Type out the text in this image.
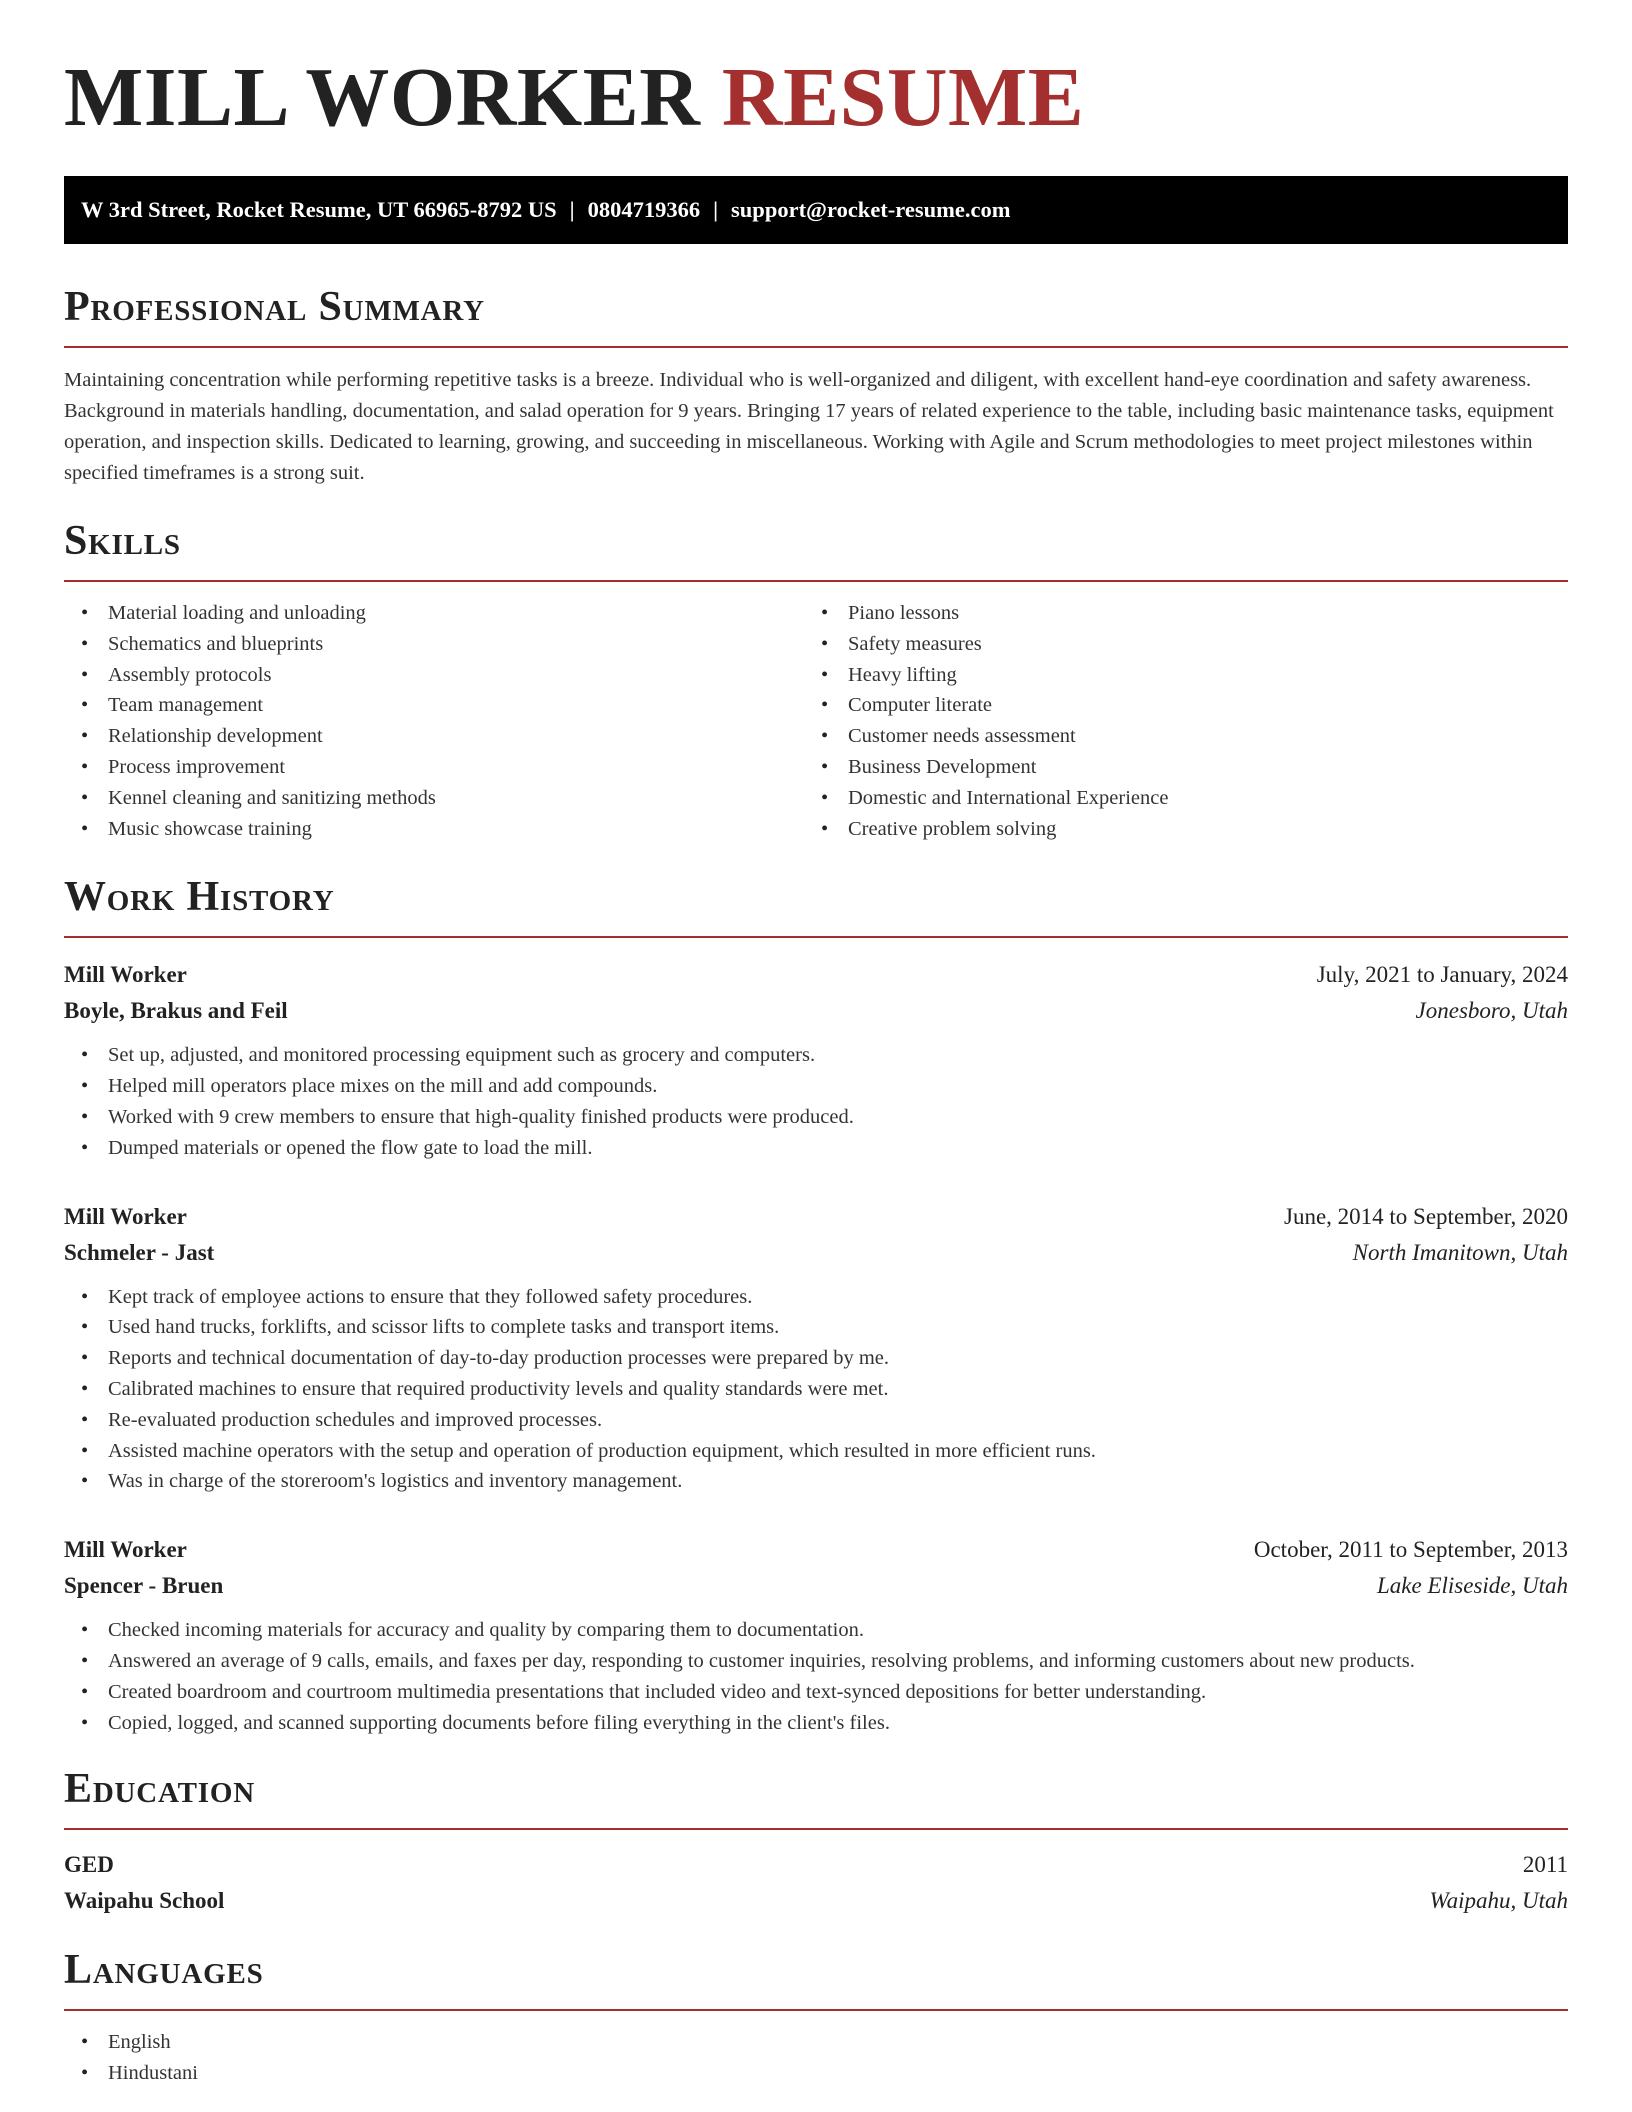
MILL WORKER RESUME
W 3rd Street, Rocket Resume, UT 66965-8792 US | 0804719366 | support@rocket-resume.com
Professional Summary

Maintaining concentration while performing repetitive tasks is a breeze. Individual who is well-organized and diligent, with excellent hand-eye coordination and safety awareness. Background in materials handling, documentation, and salad operation for 9 years. Bringing 17 years of related experience to the table, including basic maintenance tasks, equipment operation, and inspection skills. Dedicated to learning, growing, and succeeding in miscellaneous. Working with Agile and Scrum methodologies to meet project milestones within specified timeframes is a strong suit.

Skills
• Material loading and unloading
• Schematics and blueprints
• Assembly protocols
• Team management
• Relationship development
• Process improvement
• Kennel cleaning and sanitizing methods
• Music showcase training
• Piano lessons
• Safety measures
• Heavy lifting
• Computer literate
• Customer needs assessment
• Business Development
• Domestic and International Experience
• Creative problem solving
Work History
Mill Worker	July, 2021 to January, 2024
Boyle, Brakus and Feil	Jonesboro, Utah
• Set up, adjusted, and monitored processing equipment such as grocery and computers.
• Helped mill operators place mixes on the mill and add compounds.
• Worked with 9 crew members to ensure that high-quality finished products were produced.
• Dumped materials or opened the flow gate to load the mill.
Mill Worker	June, 2014 to September, 2020
Schmeler - Jast	North Imanitown, Utah
• Kept track of employee actions to ensure that they followed safety procedures.
• Used hand trucks, forklifts, and scissor lifts to complete tasks and transport items.
• Reports and technical documentation of day-to-day production processes were prepared by me.
• Calibrated machines to ensure that required productivity levels and quality standards were met.
• Re-evaluated production schedules and improved processes.
• Assisted machine operators with the setup and operation of production equipment, which resulted in more efficient runs.
• Was in charge of the storeroom's logistics and inventory management.
Mill Worker	October, 2011 to September, 2013
Spencer - Bruen	Lake Eliseside, Utah
• Checked incoming materials for accuracy and quality by comparing them to documentation.
• Answered an average of 9 calls, emails, and faxes per day, responding to customer inquiries, resolving problems, and informing customers about new products.
• Created boardroom and courtroom multimedia presentations that included video and text-synced depositions for better understanding.
• Copied, logged, and scanned supporting documents before filing everything in the client's files.
Education
GED	2011
Waipahu School	Waipahu, Utah
Languages
• English
• Hindustani
